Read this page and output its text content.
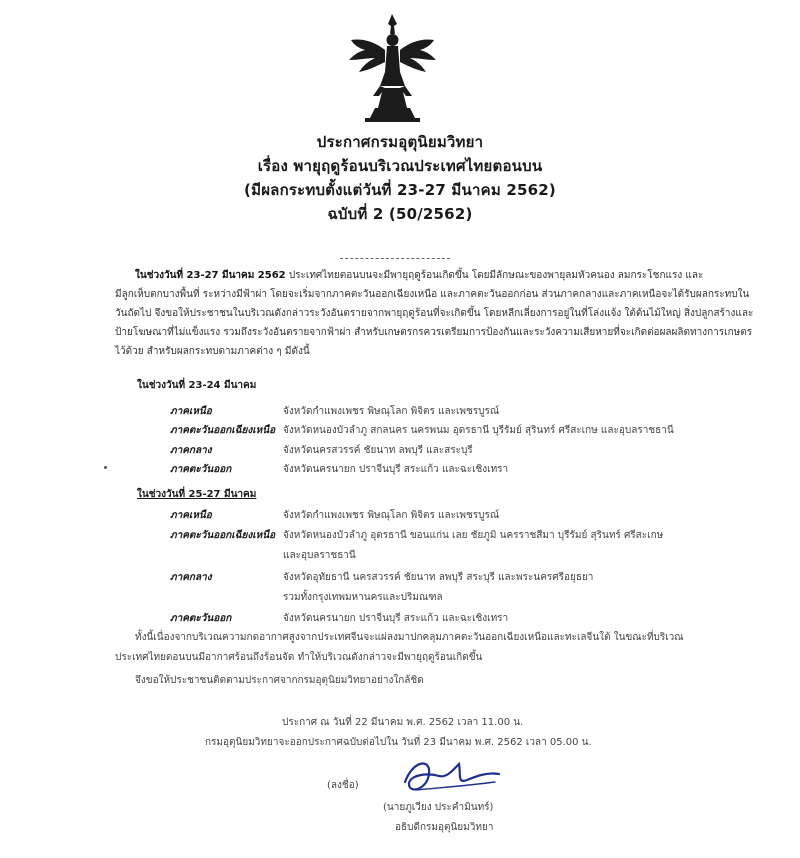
ประกาศกรมอุตุนิยมวิทยา
เรื่อง พายุฤดูร้อนบริเวณประเทศไทยตอนบน
(มีผลกระทบตั้งแต่วันที่ 23-27 มีนาคม 2562)
ฉบับที่ 2 (50/2562)
ในช่วงวันที่ 23-27 มีนาคม 2562 ประเทศไทยตอนบนจะมีพายุฤดูร้อนเกิดขึ้น โดยมีลักษณะของพายุลมหัวคนอง ลมกระโชกแรง และ
มีลูกเห็บตกบางพื้นที่ ระหว่างมีฟ้าผ่า โดยจะเริ่มจากภาคตะวันออกเฉียงเหนือ และภาคตะวันออกก่อน ส่วนภาคกลางและภาคเหนือจะได้รับผลกระทบใน
วันถัดไป จึงขอให้ประชาชนในบริเวณดังกล่าวระวังอันตรายจากพายุฤดูร้อนที่จะเกิดขึ้น โดยหลีกเลี่ยงการอยู่ในที่โล่งแจ้ง ใต้ต้นไม้ใหญ่ สิ่งปลูกสร้างและ
ป้ายโฆษณาที่ไม่แข็งแรง รวมถึงระวังอันตรายจากฟ้าผ่า สำหรับเกษตรกรควรเตรียมการป้องกันและระวังความเสียหายที่จะเกิดต่อผลผลิตทางการเกษตร
ไว้ด้วย สำหรับผลกระทบตามภาคต่าง ๆ มีดังนี้
ในช่วงวันที่ 23-24 มีนาคม
ภาคเหนือ	จังหวัดกำแพงเพชร พิษณุโลก พิจิตร และเพชรบูรณ์
ภาคตะวันออกเฉียงเหนือ จังหวัดหนองบัวลำภู สกลนคร นครพนม อุดรธานี บุรีรัมย์ สุรินทร์ ศรีสะเกษ และอุบลราชธานี
ภาคกลาง	จังหวัดนครสวรรค์ ชัยนาท ลพบุรี และสระบุรี
ภาคตะวันออก	จังหวัดนครนายก ปราจีนบุรี สระแก้ว และฉะเชิงเทรา
ในช่วงวันที่ 25-27 มีนาคม
ภาคเหนือ	จังหวัดกำแพงเพชร พิษณุโลก พิจิตร และเพชรบูรณ์
ภาคตะวันออกเฉียงเหนือ จังหวัดหนองบัวลำภู อุดรธานี ขอนแก่น เลย ชัยภูมิ นครราชสีมา บุรีรัมย์ สุรินทร์ ศรีสะเกษ
และอุบลราชธานี
ภาคกลาง	จังหวัดอุทัยธานี นครสวรรค์ ชัยนาท ลพบุรี สระบุรี และพระนครศรีอยุธยา
รวมทั้งกรุงเทพมหานครและปริมณฑล
ภาคตะวันออก	จังหวัดนครนายก ปราจีนบุรี สระแก้ว และฉะเชิงเทรา
ทั้งนี้เนื่องจากบริเวณความกดอากาศสูงจากประเทศจีนจะแผ่ลงมาปกคลุมภาคตะวันออกเฉียงเหนือและทะเลจีนใต้ ในขณะที่บริเวณ
ประเทศไทยตอนบนมีอากาศร้อนถึงร้อนจัด ทำให้บริเวณดังกล่าวจะมีพายุฤดูร้อนเกิดขึ้น
จึงขอให้ประชาชนติดตามประกาศจากกรมอุตุนิยมวิทยาอย่างใกล้ชิด
ประกาศ ณ วันที่ 22 มีนาคม พ.ศ. 2562 เวลา 11.00 น.
กรมอุตุนิยมวิทยาจะออกประกาศฉบับต่อไปใน วันที่ 23 มีนาคม พ.ศ. 2562 เวลา 05.00 น.
(ลงชื่อ)
(นายภูเวียง ประคำมินทร์)
อธิบดีกรมอุตุนิยมวิทยา
